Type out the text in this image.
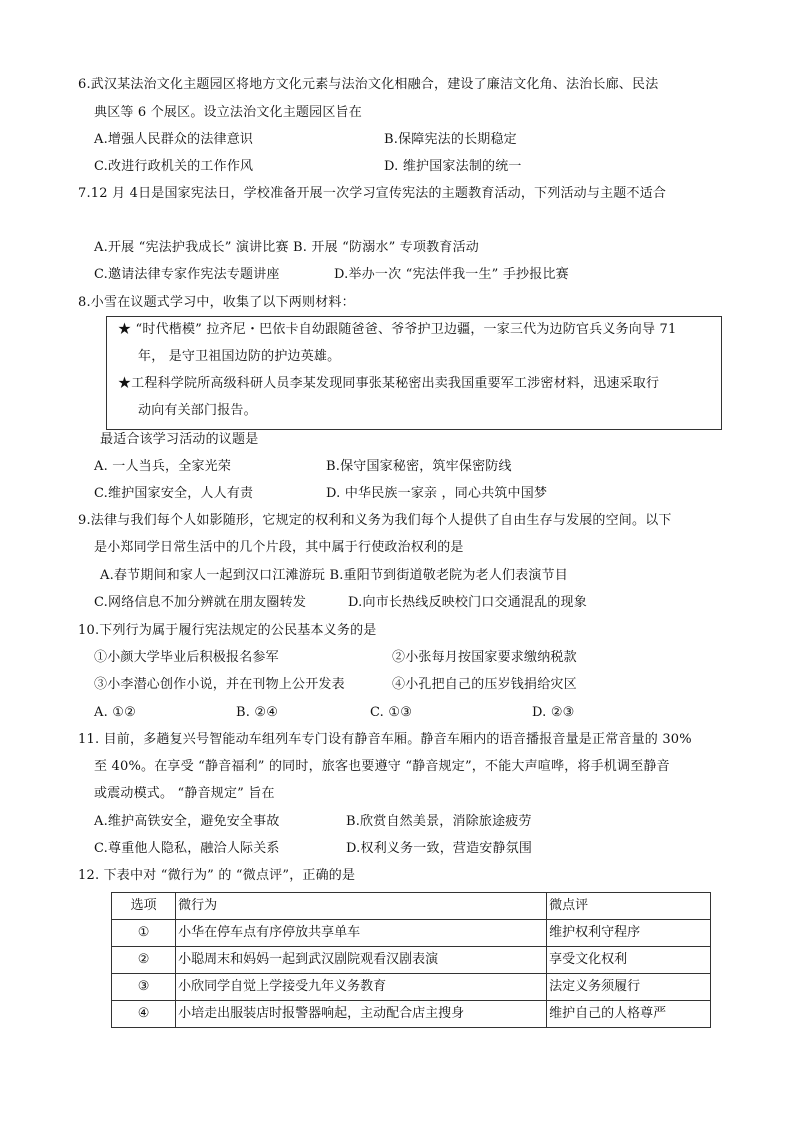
6.武汉某法治文化主题园区将地方文化元素与法治文化相融合，建设了廉洁文化角、法治长廊、民法
典区等 6 个展区。设立法治文化主题园区旨在
A.增强人民群众的法律意识	B.保障宪法的长期稳定
C.改进行政机关的工作作风	D. 维护国家法制的统一
7.12 月 4日是国家宪法日，学校准备开展一次学习宣传宪法的主题教育活动，下列活动与主题不适合
A.开展 “宪法护我成长” 演讲比赛 B. 开展 “防溺水” 专项教育活动
C.邀请法律专家作宪法专题讲座	D.举办一次 “宪法伴我一生” 手抄报比赛
8.小雪在议题式学习中，收集了以下两则材料：
★ “时代楷模” 拉齐尼・巴依卡自幼跟随爸爸、爷爷护卫边疆，一家三代为边防官兵义务向导 71
年， 是守卫祖国边防的护边英雄。
★工程科学院所高级科研人员李某发现同事张某秘密出卖我国重要军工涉密材料，迅速采取行
动向有关部门报告。
最适合该学习活动的议题是
A. 一人当兵，全家光荣	B.保守国家秘密，筑牢保密防线
C.维护国家安全，人人有责	D. 中华民族一家亲 ，同心共筑中国梦
9.法律与我们每个人如影随形，它规定的权利和义务为我们每个人提供了自由生存与发展的空间。以下
是小郑同学日常生活中的几个片段，其中属于行使政治权利的是
A.春节期间和家人一起到汉口江滩游玩 B.重阳节到街道敬老院为老人们表演节目
C.网络信息不加分辨就在朋友圈转发	D.向市长热线反映校门口交通混乱的现象
10.下列行为属于履行宪法规定的公民基本义务的是
①小颜大学毕业后积极报名参军	②小张每月按国家要求缴纳税款
③小李潜心创作小说，并在刊物上公开发表	④小孔把自己的压岁钱捐给灾区
A. ①②	B. ②④	C. ①③	D. ②③
11. 目前，多趟复兴号智能动车组列车专门设有静音车厢。静音车厢内的语音播报音量是正常音量的 30%
至 40%。在享受 “静音福利” 的同时，旅客也要遵守 “静音规定”，不能大声喧哗，将手机调至静音
或震动模式。 “静音规定” 旨在
A.维护高铁安全，避免安全事故	B.欣赏自然美景，消除旅途疲劳
C.尊重他人隐私，融洽人际关系	D.权利义务一致，营造安静氛围
12. 下表中对 “微行为” 的 “微点评”，正确的是
选项	微行为	微点评
①	小华在停车点有序停放共享单车	维护权利守程序
②	小聪周末和妈妈一起到武汉剧院观看汉剧表演	享受文化权利
③	小欣同学自觉上学接受九年义务教育	法定义务须履行
④	小培走出服装店时报警器响起，主动配合店主搜身	维护自己的人格尊严
